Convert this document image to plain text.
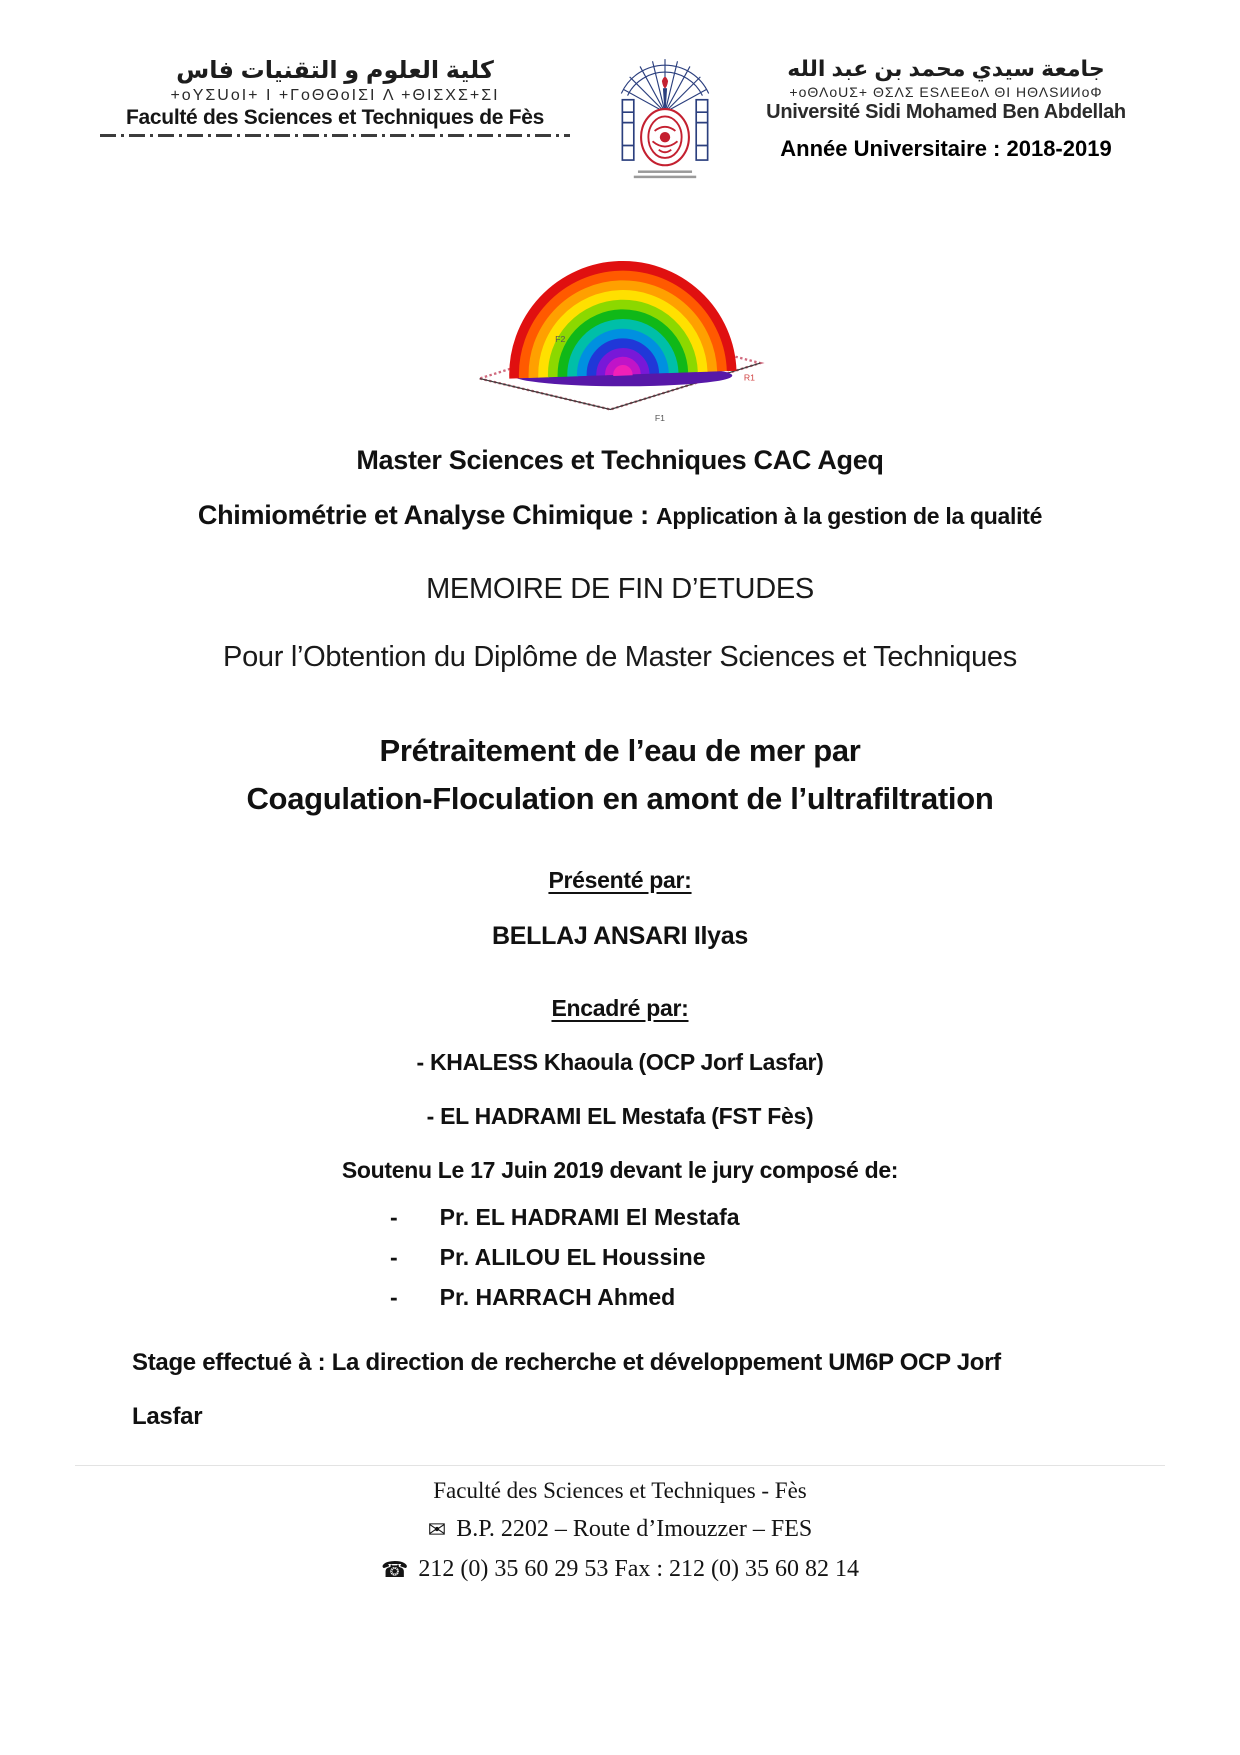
كلية العلوم و التقنيات فاس
+oYΣUoI+ I +ΓoΘΘoIΣI Λ +ΘIΣΧΣ+ΣI
Faculté des Sciences et Techniques de Fès
جامعة سيدي محمد بن عبد الله
+oΘΛoUΣ+ ΘΣΛΣ ΕЅΛΕΕoΛ ΘΙ ΗΘΛЅИИoΦ
Université Sidi Mohamed Ben Abdellah
Année Universitaire : 2018-2019
F2
F1
R1
Master Sciences et Techniques CAC Ageq
Chimiométrie et Analyse Chimique : Application à la gestion de la qualité
MEMOIRE DE FIN D’ETUDES
Pour l’Obtention du Diplôme de Master Sciences et Techniques
Prétraitement de l’eau de mer par
Coagulation-Floculation en amont de l’ultrafiltration
Présenté par:
BELLAJ ANSARI Ilyas
Encadré par:
- KHALESS Khaoula (OCP Jorf Lasfar)
- EL HADRAMI EL Mestafa (FST Fès)
Soutenu Le 17 Juin 2019 devant le jury composé de:
- Pr. EL HADRAMI El Mestafa
- Pr. ALILOU EL Houssine
- Pr. HARRACH Ahmed
Stage effectué à : La direction de recherche et développement UM6P OCP Jorf
Lasfar
Faculté des Sciences et Techniques - Fès
✉ B.P. 2202 – Route d’Imouzzer – FES
☎ 212 (0) 35 60 29 53 Fax : 212 (0) 35 60 82 14
